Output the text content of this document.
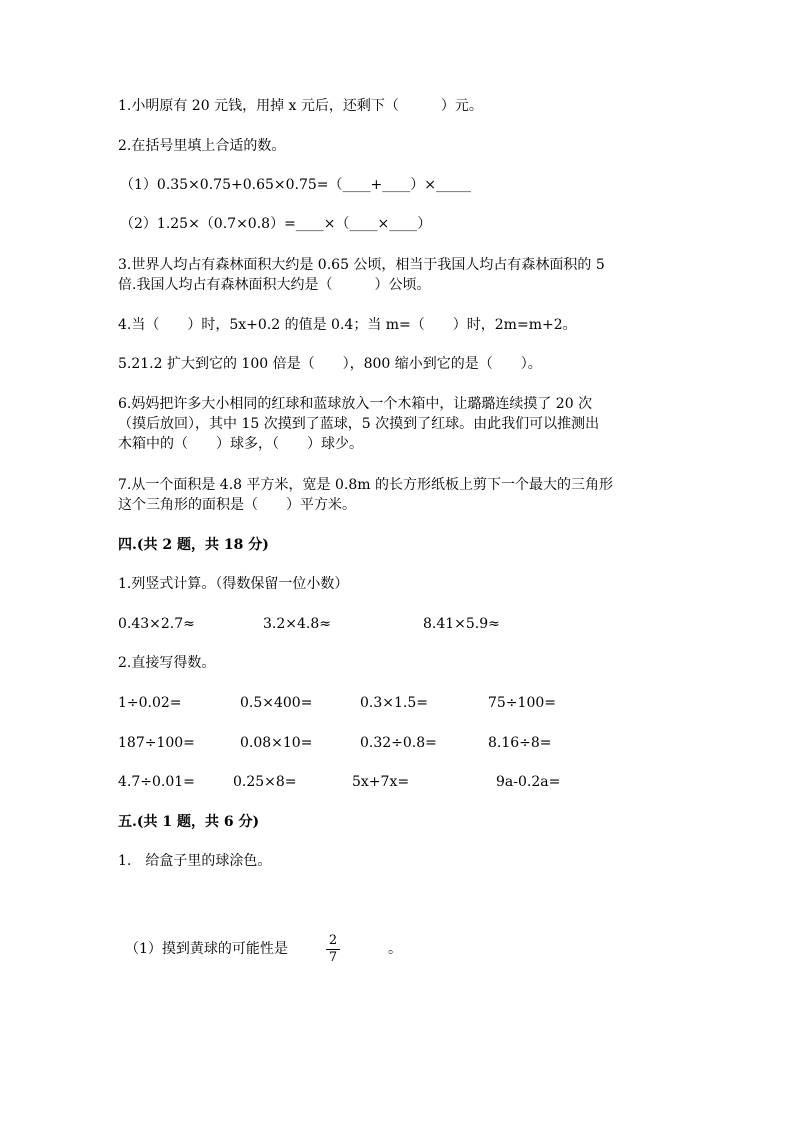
1.小明原有 20 元钱，用掉 x 元后，还剩下（　　　）元。
2.在括号里填上合适的数。
（1）0.35×0.75+0.65×0.75=（____+____）×_____
（2）1.25×（0.7×0.8）=____×（____×____）
3.世界人均占有森林面积大约是 0.65 公顷，相当于我国人均占有森林面积的 5
倍.我国人均占有森林面积大约是（　　　）公顷。
4.当（　　）时，5x+0.2 的值是 0.4；当 m=（　　）时，2m=m+2。
5.21.2 扩大到它的 100 倍是（　　），800 缩小到它的是（　　）。
6.妈妈把许多大小相同的红球和蓝球放入一个木箱中，让璐璐连续摸了 20 次
（摸后放回），其中 15 次摸到了蓝球，5 次摸到了红球。由此我们可以推测出
木箱中的（　　）球多，（　　）球少。
7.从一个面积是 4.8 平方米，宽是 0.8m 的长方形纸板上剪下一个最大的三角形
这个三角形的面积是（　　）平方米。
四.(共 2 题，共 18 分)
1.列竖式计算。（得数保留一位小数）
0.43×2.7≈	3.2×4.8≈	8.41×5.9≈
2.直接写得数。
1÷0.02=	0.5×400=	0.3×1.5=	75÷100=
187÷100=	0.08×10=	0.32÷0.8=	8.16÷8=
4.7÷0.01=	0.25×8=	5x+7x=	9a-0.2a=
五.(共 1 题，共 6 分)
1.　给盒子里的球涂色。
（1）摸到黄球的可能性是
2
7
。
